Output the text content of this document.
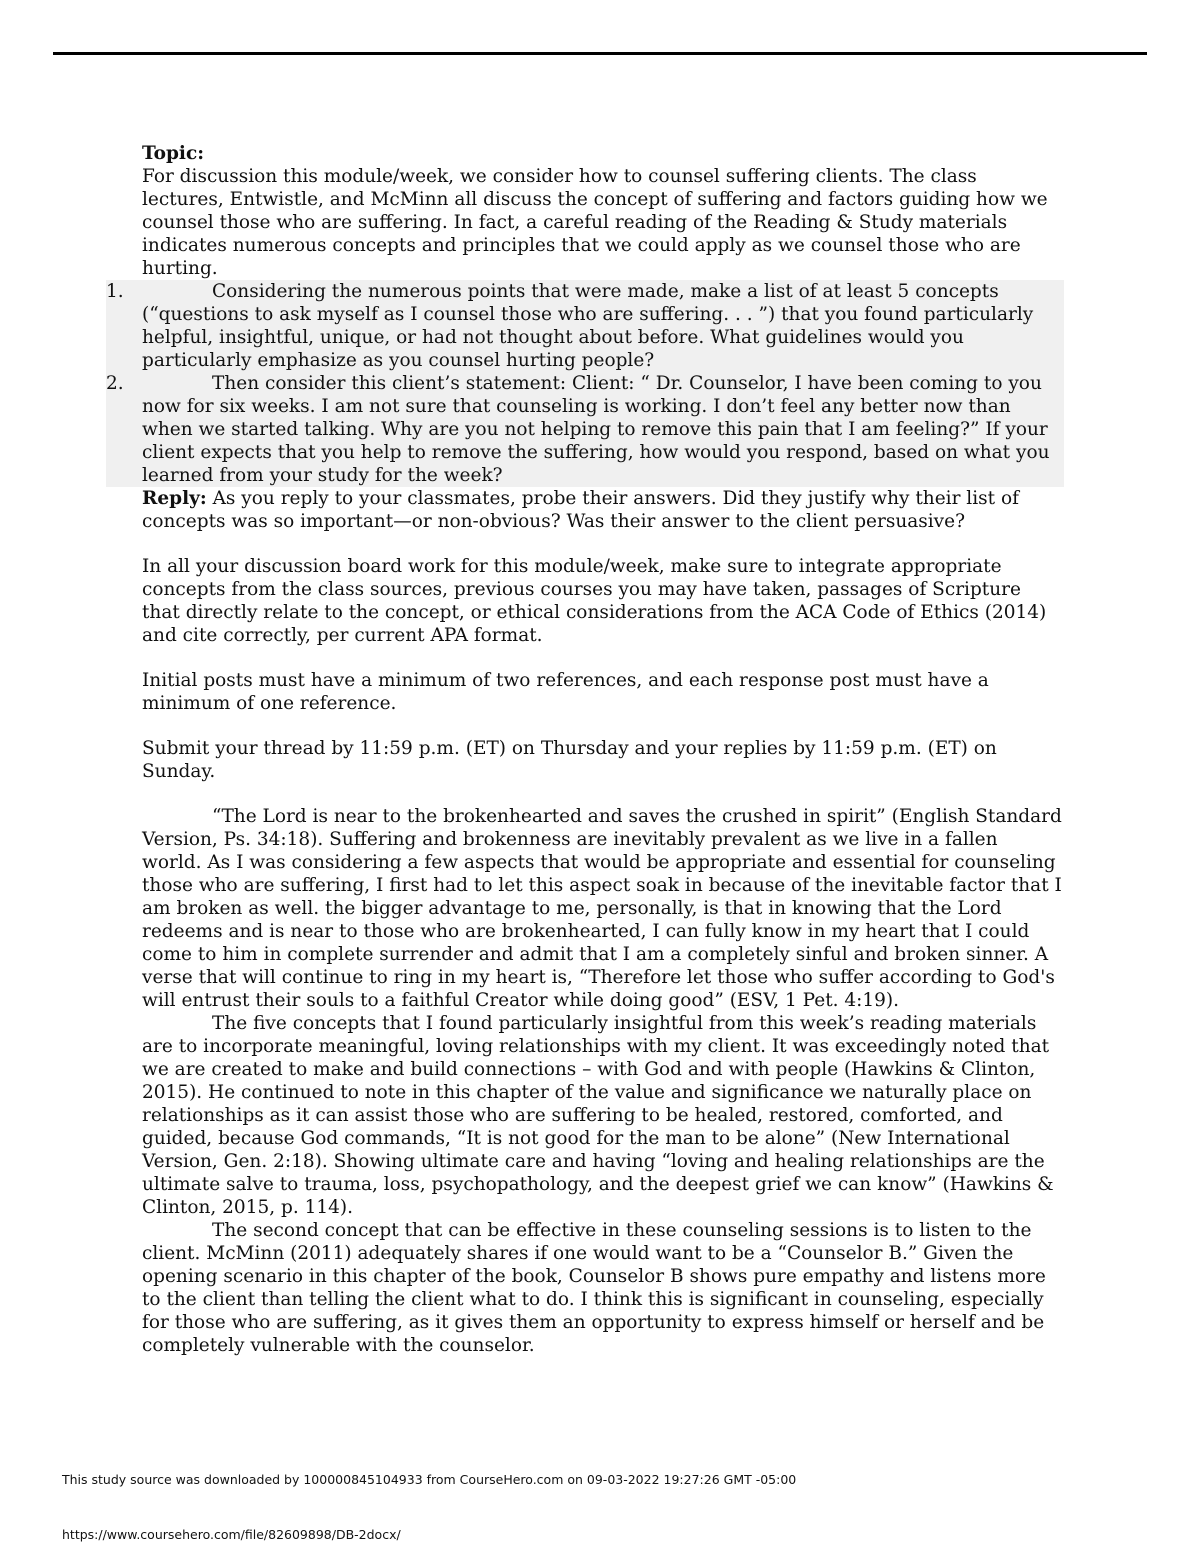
Topic:

For discussion this module/week, we consider how to counsel suffering clients. The class lectures, Entwistle, and McMinn all discuss the concept of suffering and factors guiding how we counsel those who are suffering. In fact, a careful reading of the Reading & Study materials indicates numerous concepts and principles that we could apply as we counsel those who are hurting.

1.	Considering the numerous points that were made, make a list of at least 5 concepts (“questions to ask myself as I counsel those who are suffering. . . ”) that you found particularly helpful, insightful, unique, or had not thought about before. What guidelines would you particularly emphasize as you counsel hurting people?

2.	Then consider this client’s statement: Client: “ Dr. Counselor, I have been coming to you now for six weeks. I am not sure that counseling is working. I don’t feel any better now than when we started talking. Why are you not helping to remove this pain that I am feeling?” If your client expects that you help to remove the suffering, how would you respond, based on what you learned from your study for the week?

Reply: As you reply to your classmates, probe their answers. Did they justify why their list of concepts was so important—or non-obvious? Was their answer to the client persuasive?

In all your discussion board work for this module/week, make sure to integrate appropriate concepts from the class sources, previous courses you may have taken, passages of Scripture that directly relate to the concept, or ethical considerations from the ACA Code of Ethics (2014) and cite correctly, per current APA format.

Initial posts must have a minimum of two references, and each response post must have a minimum of one reference.

Submit your thread by 11:59 p.m. (ET) on Thursday and your replies by 11:59 p.m. (ET) on Sunday.

“The Lord is near to the brokenhearted and saves the crushed in spirit” (English Standard Version, Ps. 34:18). Suffering and brokenness are inevitably prevalent as we live in a fallen world. As I was considering a few aspects that would be appropriate and essential for counseling those who are suffering, I first had to let this aspect soak in because of the inevitable factor that I am broken as well. the bigger advantage to me, personally, is that in knowing that the Lord redeems and is near to those who are brokenhearted, I can fully know in my heart that I could come to him in complete surrender and admit that I am a completely sinful and broken sinner. A verse that will continue to ring in my heart is, “Therefore let those who suffer according to God's will entrust their souls to a faithful Creator while doing good” (ESV, 1 Pet. 4:19).

The five concepts that I found particularly insightful from this week’s reading materials are to incorporate meaningful, loving relationships with my client. It was exceedingly noted that we are created to make and build connections – with God and with people (Hawkins & Clinton, 2015). He continued to note in this chapter of the value and significance we naturally place on relationships as it can assist those who are suffering to be healed, restored, comforted, and guided, because God commands, “It is not good for the man to be alone” (New International Version, Gen. 2:18). Showing ultimate care and having “loving and healing relationships are the ultimate salve to trauma, loss, psychopathology, and the deepest grief we can know” (Hawkins & Clinton, 2015, p. 114).

The second concept that can be effective in these counseling sessions is to listen to the client. McMinn (2011) adequately shares if one would want to be a “Counselor B.” Given the opening scenario in this chapter of the book, Counselor B shows pure empathy and listens more to the client than telling the client what to do. I think this is significant in counseling, especially for those who are suffering, as it gives them an opportunity to express himself or herself and be completely vulnerable with the counselor.

This study source was downloaded by 100000845104933 from CourseHero.com on 09-03-2022 19:27:26 GMT -05:00
https://www.coursehero.com/file/82609898/DB-2docx/
